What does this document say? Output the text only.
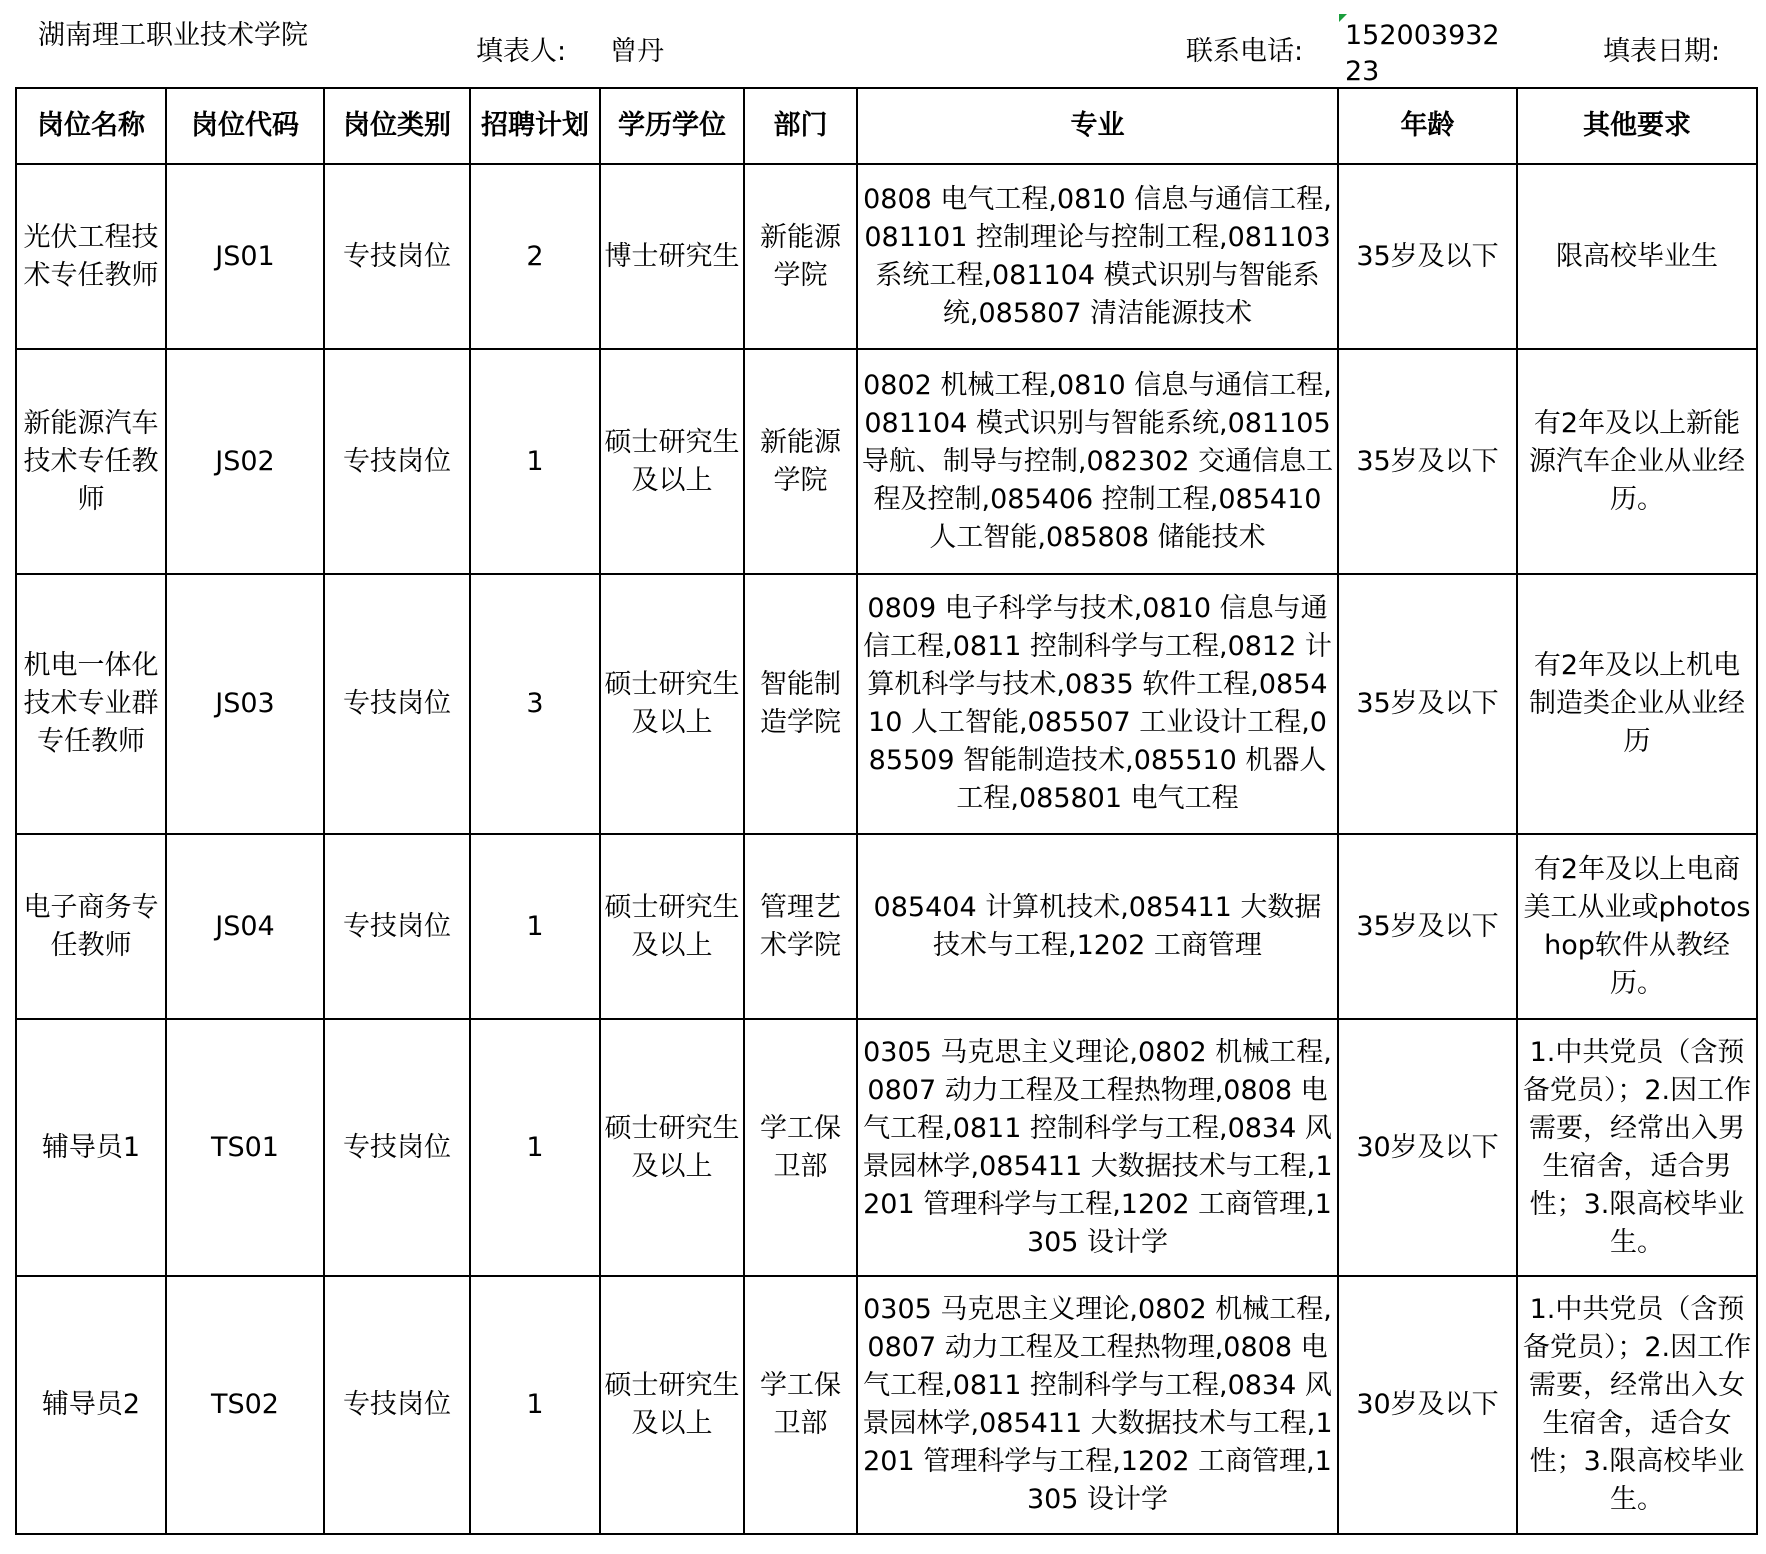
湖南理工职业技术学院
填表人: 曾丹	联系电话:
15200393223
填表日期:
岗位名称	岗位代码	岗位类别	招聘计划	学历学位	部门	专业	年龄	其他要求
光伏工程技术专任教师	JS01	专技岗位	2	博士研究生	新能源学院	0808 电气工程,0810 信息与通信工程,081101 控制理论与控制工程,081103 系统工程,081104 模式识别与智能系统,085807 清洁能源技术	35岁及以下	限高校毕业生
新能源汽车技术专任教师	JS02	专技岗位	1	硕士研究生及以上	新能源学院	0802 机械工程,0810 信息与通信工程,081104 模式识别与智能系统,081105 导航、制导与控制,082302 交通信息工程及控制,085406 控制工程,085410 人工智能,085808 储能技术	35岁及以下	有2年及以上新能源汽车企业从业经历。
机电一体化技术专业群专任教师	JS03	专技岗位	3	硕士研究生及以上	智能制造学院	0809 电子科学与技术,0810 信息与通信工程,0811 控制科学与工程,0812 计算机科学与技术,0835 软件工程,085410 人工智能,085507 工业设计工程,085509 智能制造技术,085510 机器人工程,085801 电气工程	35岁及以下	有2年及以上机电制造类企业从业经历
电子商务专任教师	JS04	专技岗位	1	硕士研究生及以上	管理艺术学院	085404 计算机技术,085411 大数据技术与工程,1202 工商管理	35岁及以下	有2年及以上电商美工从业或photoshop软件从教经历。
辅导员1	TS01	专技岗位	1	硕士研究生及以上	学工保卫部	0305 马克思主义理论,0802 机械工程,0807 动力工程及工程热物理,0808 电气工程,0811 控制科学与工程,0834 风景园林学,085411 大数据技术与工程,1201 管理科学与工程,1202 工商管理,1305 设计学	30岁及以下	1.中共党员（含预备党员）；2.因工作需要，经常出入男生宿舍，适合男性；3.限高校毕业生。
辅导员2	TS02	专技岗位	1	硕士研究生及以上	学工保卫部	0305 马克思主义理论,0802 机械工程,0807 动力工程及工程热物理,0808 电气工程,0811 控制科学与工程,0834 风景园林学,085411 大数据技术与工程,1201 管理科学与工程,1202 工商管理,1305 设计学	30岁及以下	1.中共党员（含预备党员）；2.因工作需要，经常出入女生宿舍，适合女性；3.限高校毕业生。
